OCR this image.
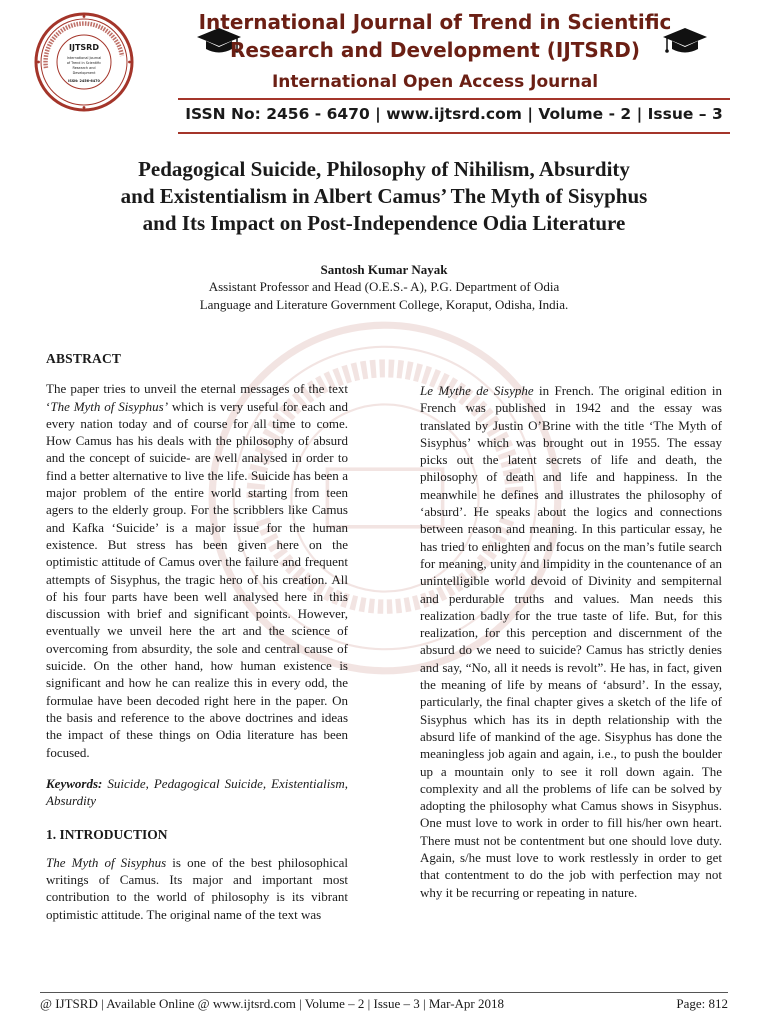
IJTSRD
International Journal
of Trend in Scientific
Research and
Development
ISSN: 2456-6470
International Journal of Trend in Scientific
Research and Development (IJTSRD)
International Open Access Journal
ISSN No: 2456 - 6470 | www.ijtsrd.com | Volume - 2 | Issue – 3
Pedagogical Suicide, Philosophy of Nihilism, Absurdity
and Existentialism in Albert Camus’ The Myth of Sisyphus
and Its Impact on Post-Independence Odia Literature
Santosh Kumar Nayak
Assistant Professor and Head (O.E.S.- A), P.G. Department of Odia
Language and Literature Government College, Koraput, Odisha, India.
ABSTRACT

The paper tries to unveil the eternal messages of the text ‘The Myth of Sisyphus’ which is very useful for each and every nation today and of course for all time to come. How Camus has his deals with the philosophy of absurd and the concept of suicide- are well analysed in order to find a better alternative to live the life. Suicide has been a major problem of the entire world starting from teen agers to the elderly group. For the scribblers like Camus and Kafka ‘Suicide’ is a major issue for the human existence. But stress has been given here on the optimistic attitude of Camus over the failure and frequent attempts of Sisyphus, the tragic hero of his creation. All of his four parts have been well analysed here in this discussion with brief and significant points. However, eventually we unveil here the art and the science of overcoming from absurdity, the sole and central cause of suicide. On the other hand, how human existence is significant and how he can realize this in every odd, the formulae have been decoded right here in the paper. On the basis and reference to the above doctrines and ideas the impact of these things on Odia literature has been focused.

Keywords: Suicide, Pedagogical Suicide, Existentialism, Absurdity

1. INTRODUCTION

The Myth of Sisyphus is one of the best philosophical writings of Camus. Its major and important most contribution to the world of philosophy is its vibrant optimistic attitude. The original name of the text was

Le Mythe de Sisyphe in French. The original edition in French was published in 1942 and the essay was translated by Justin O’Brine with the title ‘The Myth of Sisyphus’ which was brought out in 1955. The essay picks out the latent secrets of life and death, the philosophy of death and life and happiness. In the meanwhile he defines and illustrates the philosophy of ‘absurd’. He speaks about the logics and connections between reason and meaning. In this particular essay, he has tried to enlighten and focus on the man’s futile search for meaning, unity and limpidity in the countenance of an unintelligible world devoid of Divinity and sempiternal and perdurable truths and values. Man needs this realization badly for the true taste of life. But, for this realization, for this perception and discernment of the absurd do we need to suicide? Camus has strictly denies and say, “No, all it needs is revolt”. He has, in fact, given the meaning of life by means of ‘absurd’. In the essay, particularly, the final chapter gives a sketch of the life of Sisyphus which has its in depth relationship with the absurd life of mankind of the age. Sisyphus has done the meaningless job again and again, i.e., to push the boulder up a mountain only to see it roll down again. The complexity and all the problems of life can be solved by adopting the philosophy what Camus shows in Sisyphus. One must love to work in order to fill his/her own heart. There must not be contentment but one should love duty. Again, s/he must love to work restlessly in order to get that contentment to do the job with perfection may not why it be recurring or repeating in nature.

@ IJTSRD | Available Online @ www.ijtsrd.com | Volume – 2 | Issue – 3 | Mar-Apr 2018	Page: 812
